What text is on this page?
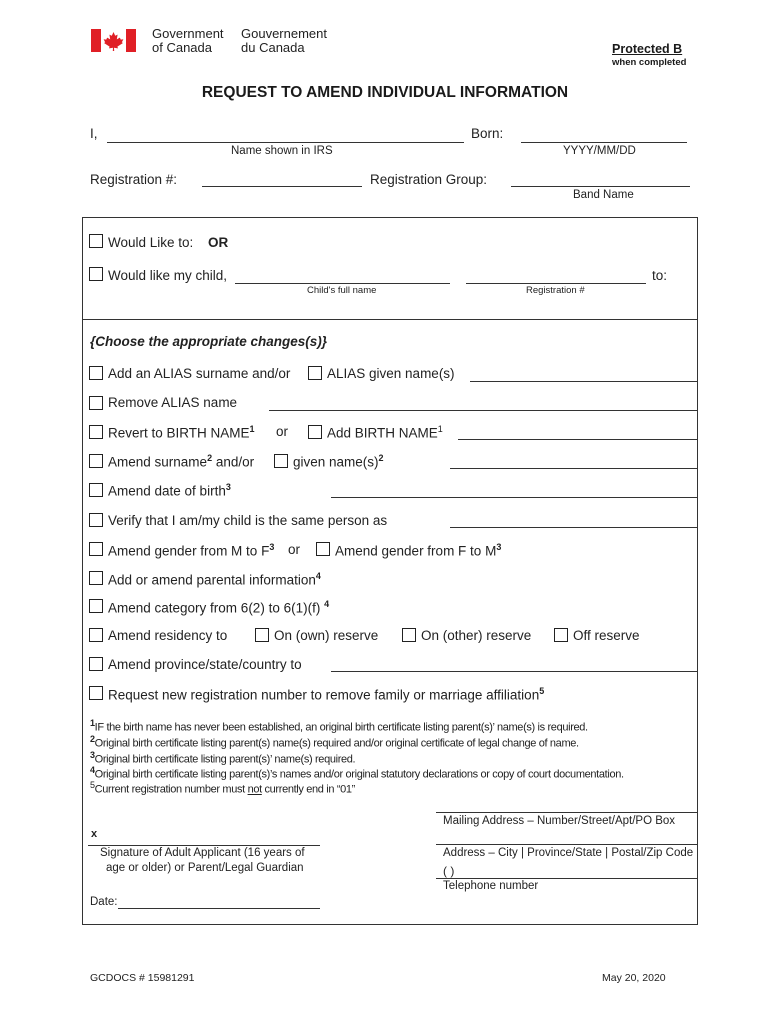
Government
of Canada
Gouvernement
du Canada	Protected B
when completed
REQUEST TO AMEND INDIVIDUAL INFORMATION
I,	Born:
Name shown in IRS	YYYY/MM/DD
Registration #:	Registration Group:
Band Name
Would Like to: OR
Would like my child,	to:
Child's full name	Registration #
{Choose the appropriate changes(s)}
Add an ALIAS surname and/or	ALIAS given name(s)
Remove ALIAS name
Revert to BIRTH NAME$^1$ or	Add BIRTH NAME$^1$
Amend surname$^2$ and/or	given $name(s)^2$
Amend date of birth$^3$
Verify that I am/my child is the same person as
Amend gender from M to $F^3$ or	Amend gender from F to $M^3$
Add or amend parental information$^4$
Amend category from 6(2) to 6(1)(f) $^4$
Amend residency to	On (own) reserve	On (other) reserve	Off reserve
Amend province/state/country to
Request new registration number to remove family or marriage affiliation$^5$
$^1$IF the birth name has never been established, an original birth certificate listing parent(s)’ name(s) is required.
$^2$Original birth certificate listing parent(s) name(s) required and/or original certificate of legal change of name.
$^3$Original birth certificate listing parent(s)’ name(s) required.
$^4$Original birth certificate listing parent(s)’s names and/or original statutory declarations or copy of court documentation.
$^5$Current registration number must not currently end in “01”
Mailing Address – Number/Street/Apt/PO Box
x
Signature of Adult Applicant (16 years of
age or older) or Parent/Legal Guardian
Address – City | Province/State | Postal/Zip Code
( )
Telephone number
Date:
GCDOCS # 15981291	May 20, 2020
